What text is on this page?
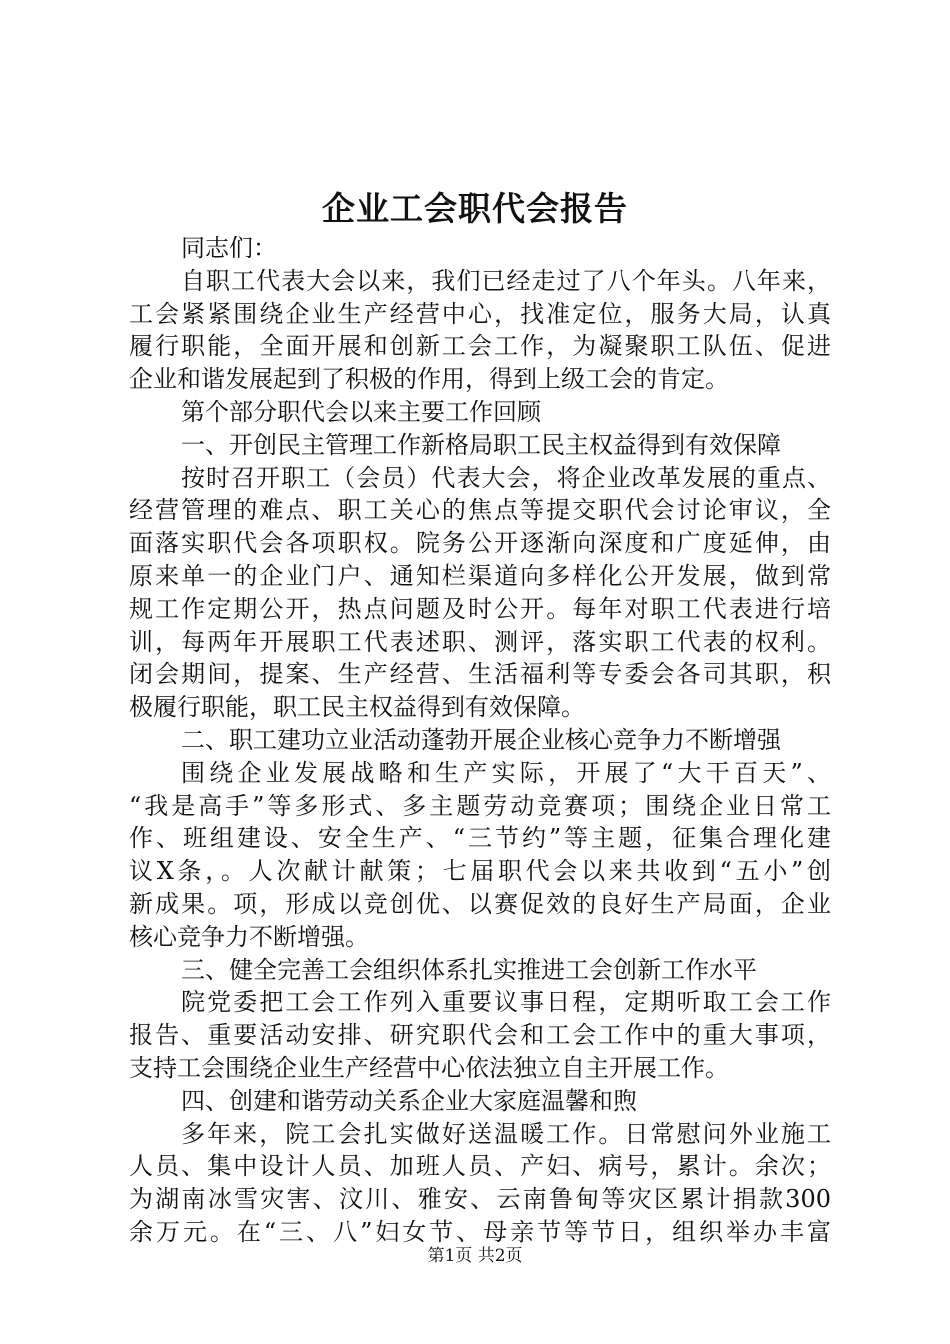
企业工会职代会报告
同志们：
自职工代表大会以来，我们已经走过了八个年头。八年来，
工会紧紧围绕企业生产经营中心，找准定位，服务大局，认真
履行职能，全面开展和创新工会工作，为凝聚职工队伍、促进
企业和谐发展起到了积极的作用，得到上级工会的肯定。
第个部分职代会以来主要工作回顾
一、开创民主管理工作新格局职工民主权益得到有效保障
按时召开职工（会员）代表大会，将企业改革发展的重点、
经营管理的难点、职工关心的焦点等提交职代会讨论审议，全
面落实职代会各项职权。院务公开逐渐向深度和广度延伸，由
原来单一的企业门户、通知栏渠道向多样化公开发展，做到常
规工作定期公开，热点问题及时公开。每年对职工代表进行培
训，每两年开展职工代表述职、测评，落实职工代表的权利。
闭会期间，提案、生产经营、生活福利等专委会各司其职，积
极履行职能，职工民主权益得到有效保障。
二、职工建功立业活动蓬勃开展企业核心竞争力不断增强
围绕企业发展战略和生产实际，开展了“大干百天”、
“我是高手”等多形式、多主题劳动竞赛项；围绕企业日常工
作、班组建设、安全生产、“三节约”等主题，征集合理化建
议X条，。人次献计献策；七届职代会以来共收到“五小”创
新成果。项，形成以竞创优、以赛促效的良好生产局面，企业
核心竞争力不断增强。
三、健全完善工会组织体系扎实推进工会创新工作水平
院党委把工会工作列入重要议事日程，定期听取工会工作
报告、重要活动安排、研究职代会和工会工作中的重大事项，
支持工会围绕企业生产经营中心依法独立自主开展工作。
四、创建和谐劳动关系企业大家庭温馨和煦
多年来，院工会扎实做好送温暖工作。日常慰问外业施工
人员、集中设计人员、加班人员、产妇、病号，累计。余次；
为湖南冰雪灾害、汶川、雅安、云南鲁甸等灾区累计捐款300
余万元。在“三、八”妇女节、母亲节等节日，组织举办丰富
第1页 共2页
